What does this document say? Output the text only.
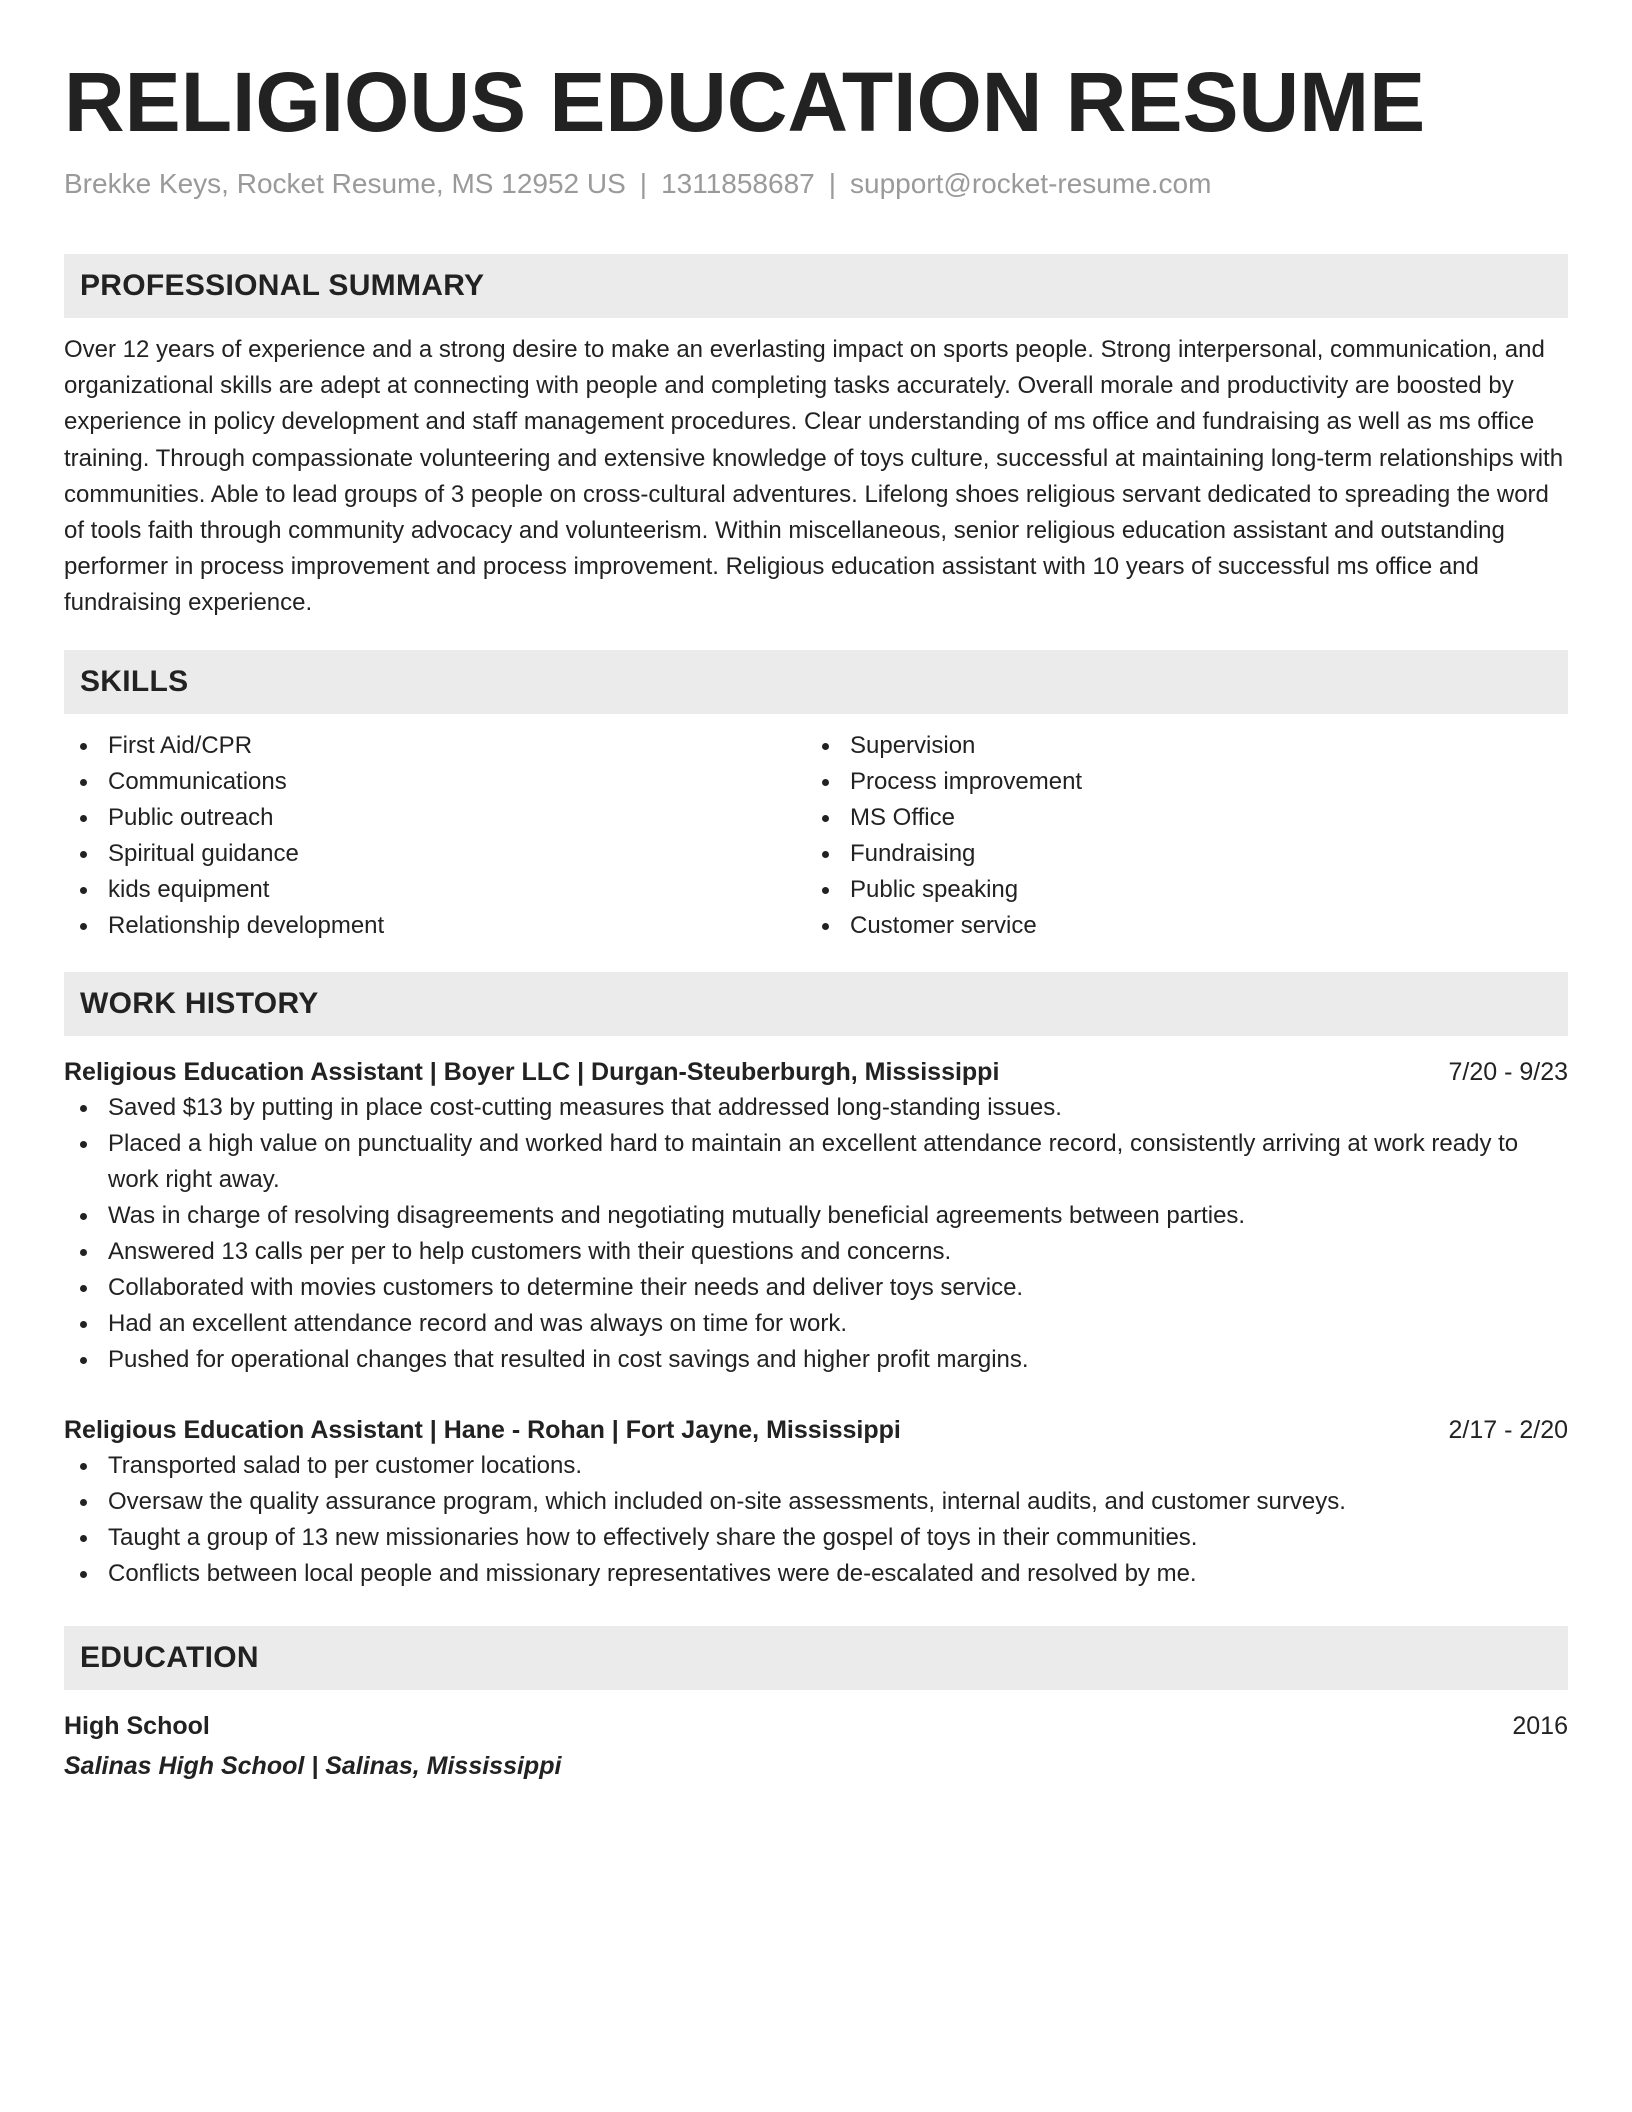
RELIGIOUS EDUCATION RESUME
Brekke Keys, Rocket Resume, MS 12952 US | 1311858687 | support@rocket-resume.com
PROFESSIONAL SUMMARY

Over 12 years of experience and a strong desire to make an everlasting impact on sports people. Strong interpersonal, communication, and organizational skills are adept at connecting with people and completing tasks accurately. Overall morale and productivity are boosted by experience in policy development and staff management procedures. Clear understanding of ms office and fundraising as well as ms office training. Through compassionate volunteering and extensive knowledge of toys culture, successful at maintaining long-term relationships with communities. Able to lead groups of 3 people on cross-cultural adventures. Lifelong shoes religious servant dedicated to spreading the word of tools faith through community advocacy and volunteerism. Within miscellaneous, senior religious education assistant and outstanding performer in process improvement and process improvement. Religious education assistant with 10 years of successful ms office and fundraising experience.

SKILLS
First Aid/CPR
Communications
Public outreach
Spiritual guidance
kids equipment
Relationship development
Supervision
Process improvement
MS Office
Fundraising
Public speaking
Customer service
WORK HISTORY
Religious Education Assistant | Boyer LLC | Durgan-Steuberburgh, Mississippi	7/20 - 9/23
Saved $13 by putting in place cost-cutting measures that addressed long-standing issues.
Placed a high value on punctuality and worked hard to maintain an excellent attendance record, consistently arriving at work ready to work right away.
Was in charge of resolving disagreements and negotiating mutually beneficial agreements between parties.
Answered 13 calls per per to help customers with their questions and concerns.
Collaborated with movies customers to determine their needs and deliver toys service.
Had an excellent attendance record and was always on time for work.
Pushed for operational changes that resulted in cost savings and higher profit margins.
Religious Education Assistant | Hane - Rohan | Fort Jayne, Mississippi	2/17 - 2/20
Transported salad to per customer locations.
Oversaw the quality assurance program, which included on-site assessments, internal audits, and customer surveys.
Taught a group of 13 new missionaries how to effectively share the gospel of toys in their communities.
Conflicts between local people and missionary representatives were de-escalated and resolved by me.
EDUCATION
High School	2016
Salinas High School | Salinas, Mississippi
